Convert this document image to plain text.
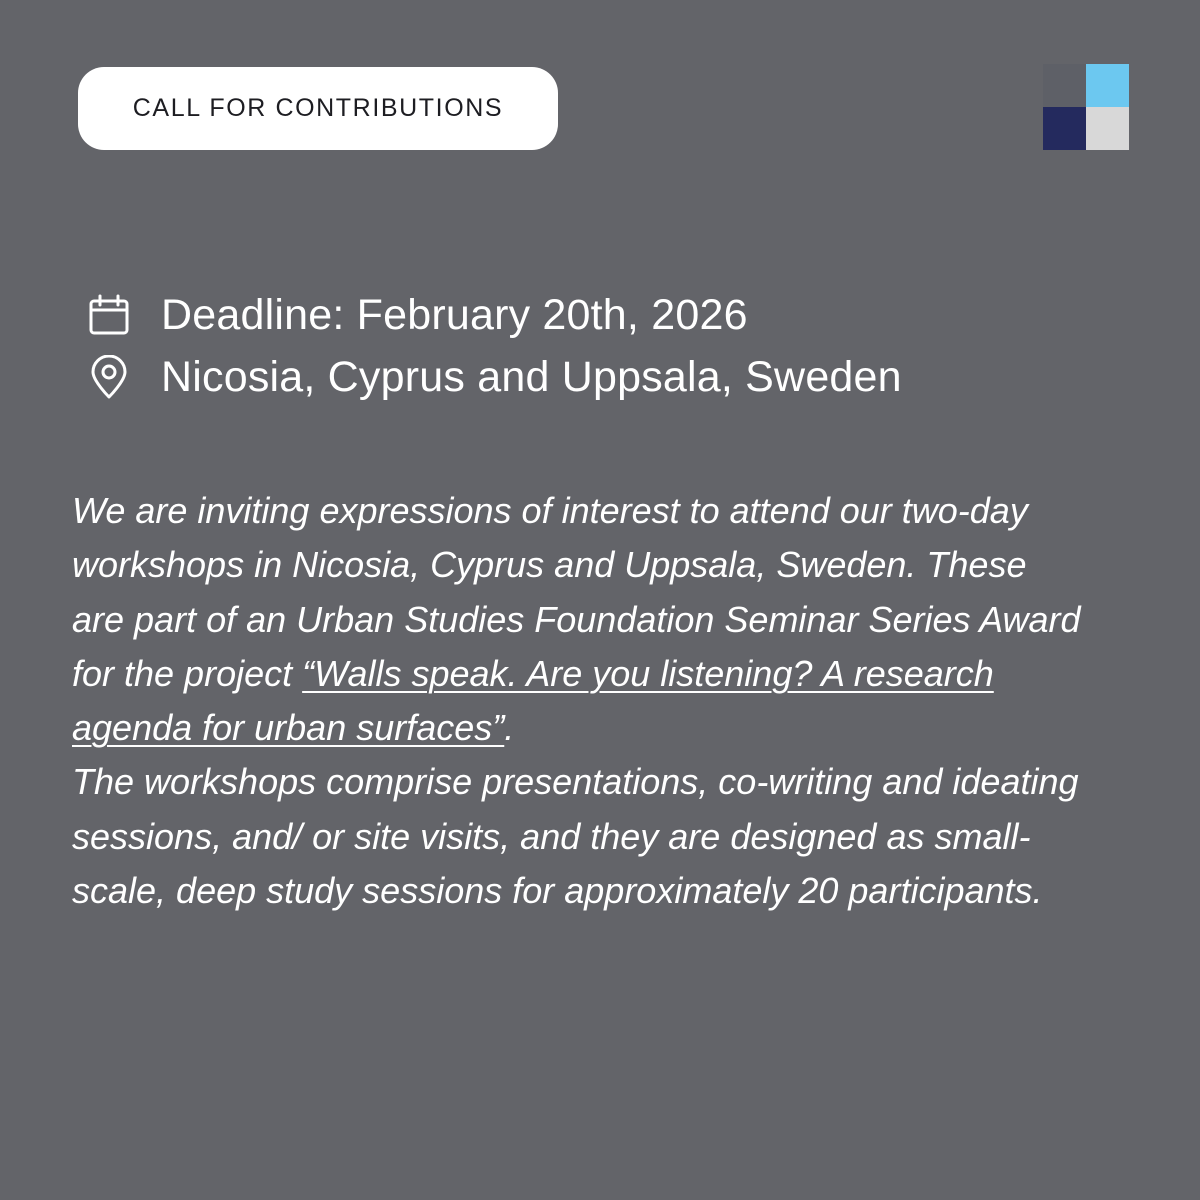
CALL FOR CONTRIBUTIONS
Deadline: February 20th, 2026
Nicosia, Cyprus and Uppsala, Sweden

We are inviting expressions of interest to attend our two-day workshops in Nicosia, Cyprus and Uppsala, Sweden. These are part of an Urban Studies Foundation Seminar Series Award for the project “Walls speak. Are you listening? A research agenda for urban surfaces”.

The workshops comprise presentations, co-writing and ideating sessions, and/ or site visits, and they are designed as small-scale, deep study sessions for approximately 20 participants.
